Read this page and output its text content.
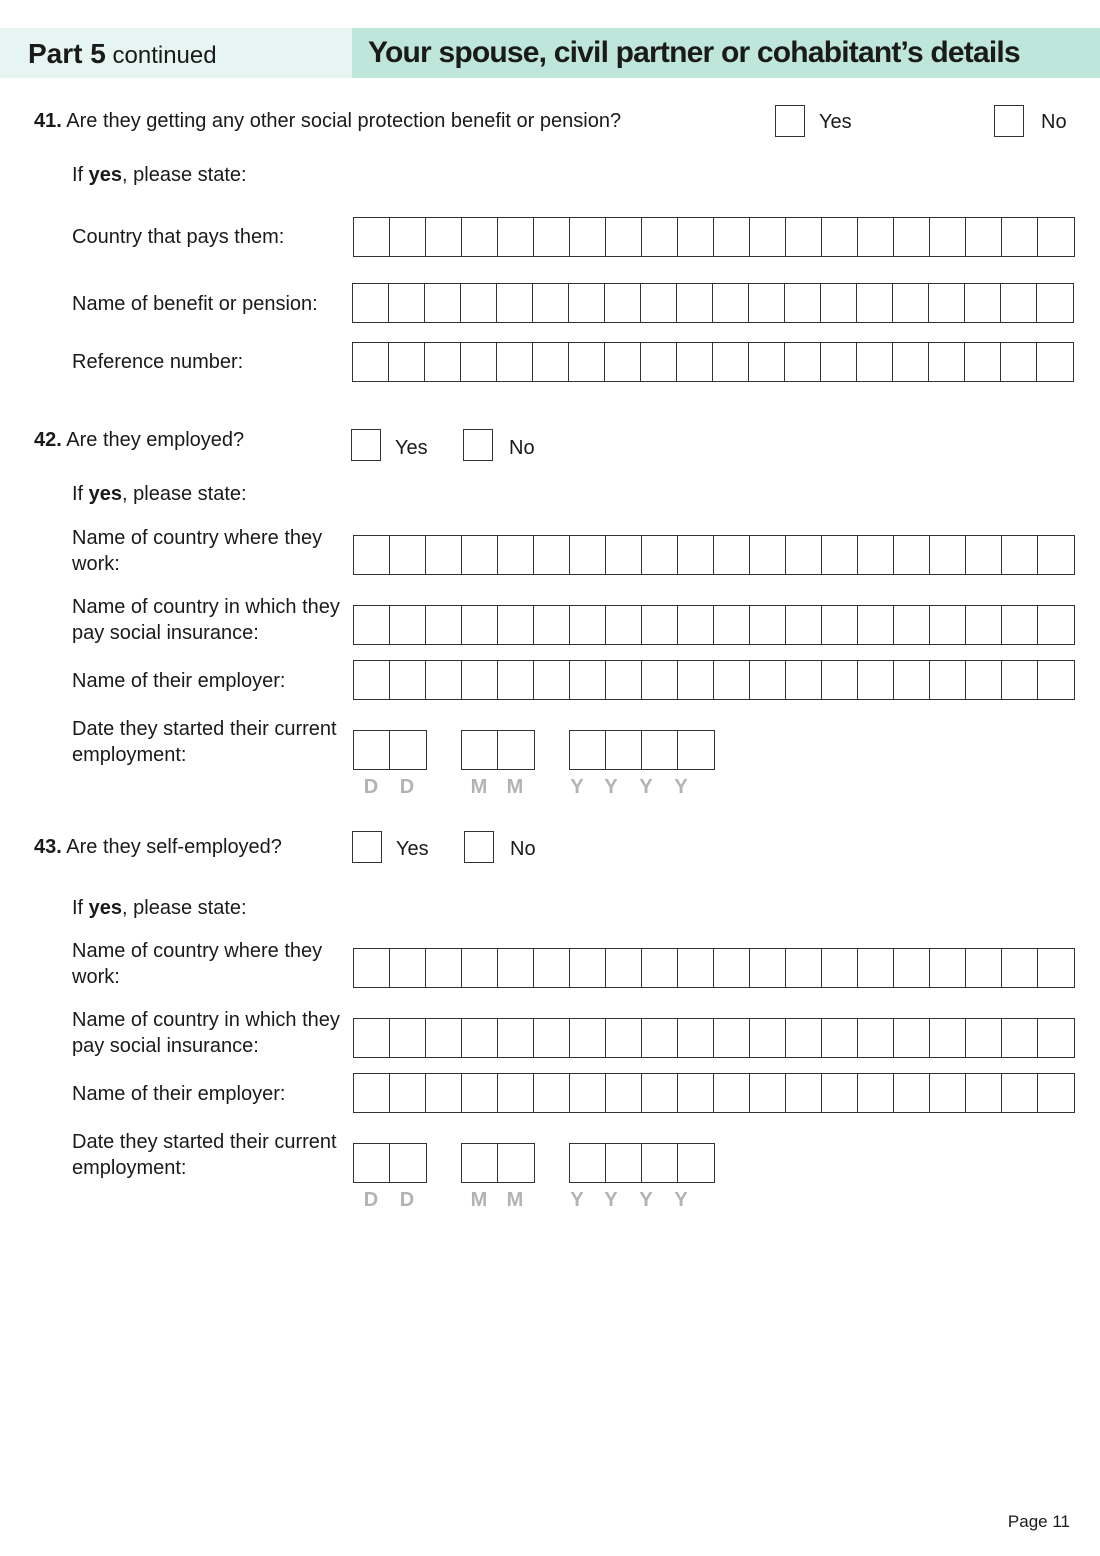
Part 5 continued	Your spouse, civil partner or cohabitant’s details
41. Are they getting any other social protection benefit or pension?	Yes	No
If yes, please state:
Country that pays them:
Name of benefit or pension:
Reference number:
42. Are they employed?	Yes	No
If yes, please state:
Name of country where they work:
Name of country in which they pay social insurance:
Name of their employer:
Date they started their current employment:
D	D	M M	Y	Y	Y	Y
43. Are they self-employed?	Yes	No
If yes, please state:
Name of country where they work:
Name of country in which they pay social insurance:
Name of their employer:
Date they started their current employment:
D	D	M M	Y	Y	Y	Y
Page 11
